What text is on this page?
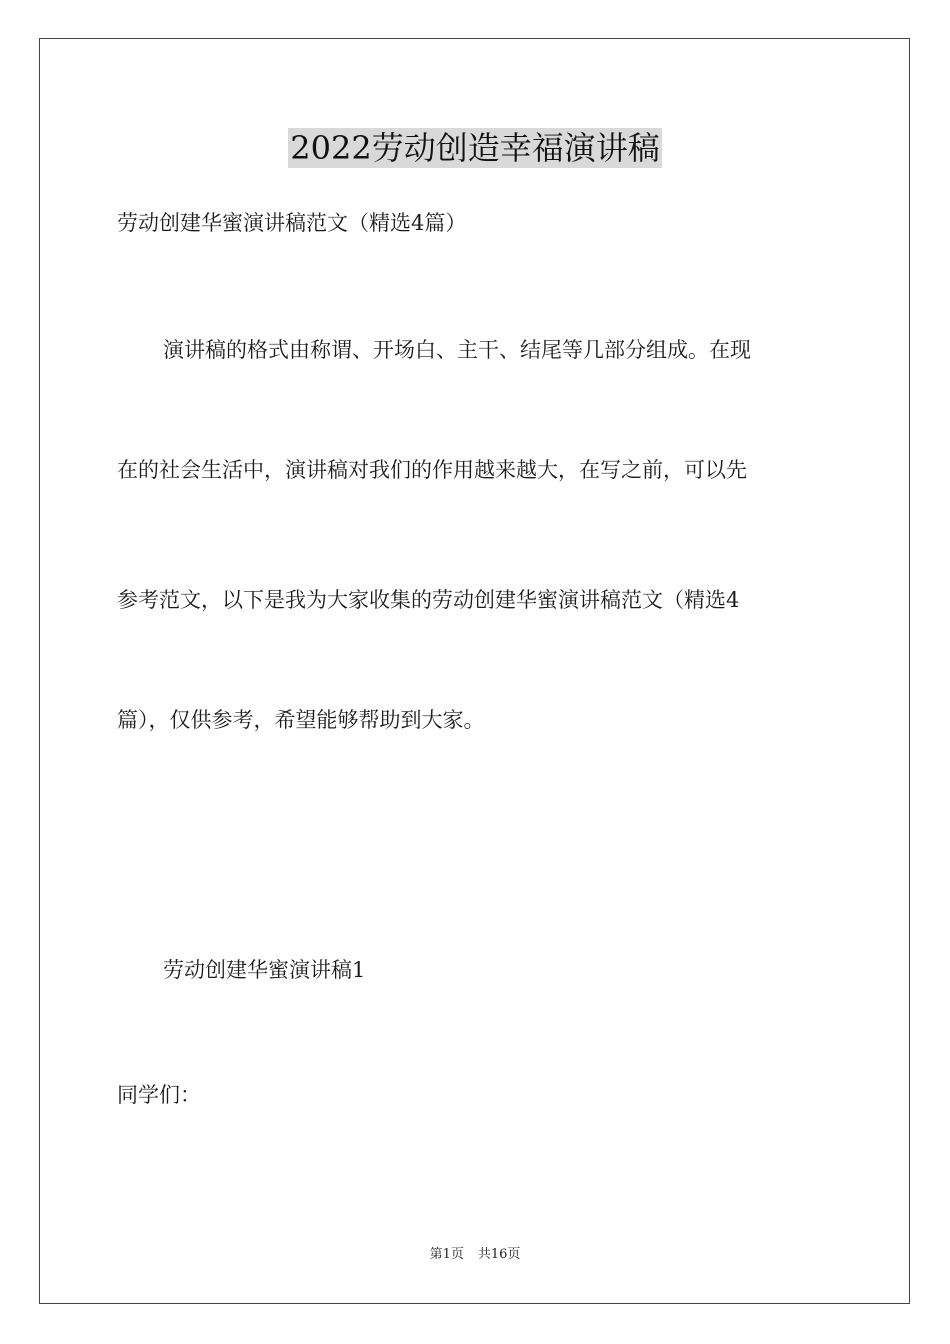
2022劳动创造幸福演讲稿
劳动创建华蜜演讲稿范文（精选4篇）
演讲稿的格式由称谓、开场白、主干、结尾等几部分组成。在现
在的社会生活中，演讲稿对我们的作用越来越大，在写之前，可以先
参考范文，以下是我为大家收集的劳动创建华蜜演讲稿范文（精选4
篇），仅供参考，希望能够帮助到大家。
劳动创建华蜜演讲稿1
同学们：
第1页 共16页
